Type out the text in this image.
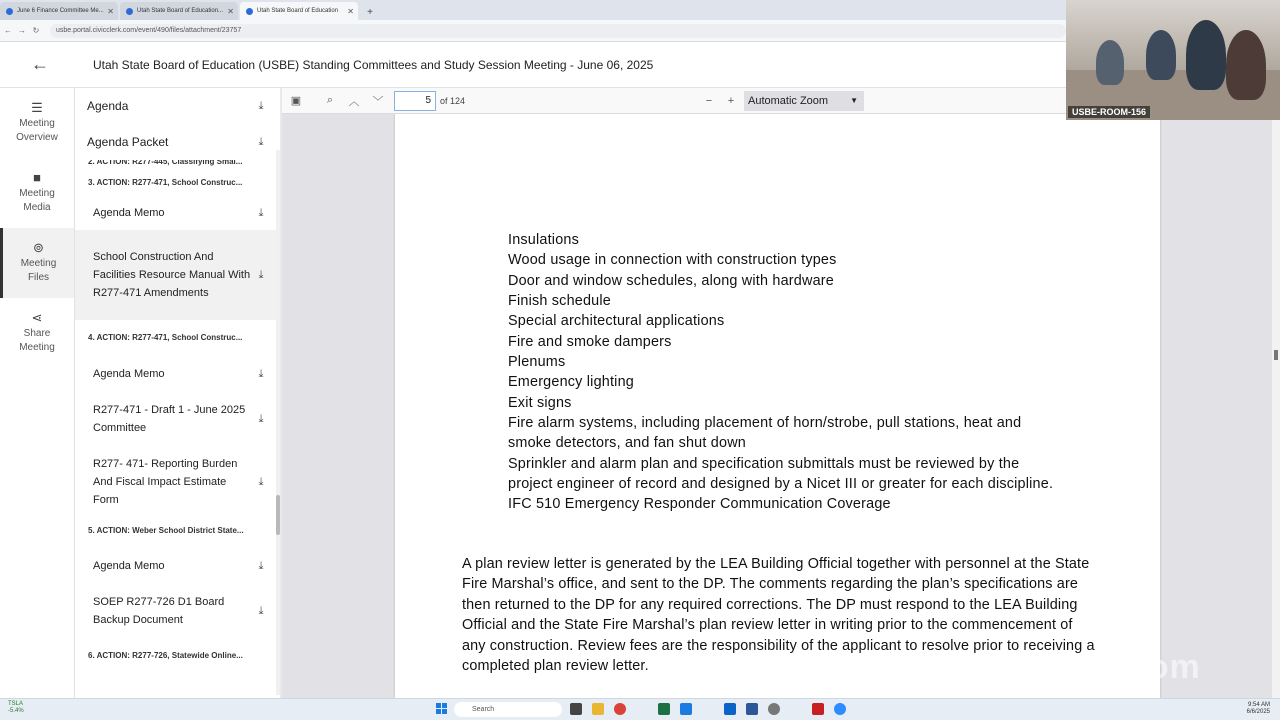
June 6 Finance Committee Me... ✕	Utah State Board of Education... ✕	Utah State Board of Education ✕	+
← → ↻	usbe.portal.civicclerk.com/event/490/files/attachment/23757
←	Utah State Board of Education (USBE) Standing Committees and Study Session Meeting - June 06, 2025
☰
Meeting Overview
■
Meeting Media
⊚
Meeting Files
⋖
Share Meeting
Agenda	⤓
Agenda Packet	⤓
2. ACTION: R277-445, Classifying Smal...
3. ACTION: R277-471, School Construc...
Agenda Memo	⤓
School Construction And Facilities Resource Manual With R277-471 Amendments
⤓
4. ACTION: R277-471, School Construc...
Agenda Memo	⤓
R277-471 - Draft 1 - June 2025 Committee
⤓
R277- 471- Reporting Burden And Fiscal Impact Estimate Form
⤓
5. ACTION: Weber School District State...
Agenda Memo	⤓
SOEP R277-726 D1 Board Backup Document
⤓
6. ACTION: R277-726, Statewide Online...
▣	⌕	︿	﹀
5	of 124	−	+	Automatic Zoom	▼
Insulations
Wood usage in connection with construction types
Door and window schedules, along with hardware
Finish schedule
Special architectural applications
Fire and smoke dampers
Plenums
Emergency lighting
Exit signs
Fire alarm systems, including placement of horn/strobe, pull stations, heat and
smoke detectors, and fan shut down
Sprinkler and alarm plan and specification submittals must be reviewed by the
project engineer of record and designed by a Nicet III or greater for each discipline.
IFC 510 Emergency Responder Communication Coverage
A plan review letter is generated by the LEA Building Official together with personnel at the State Fire Marshal’s office, and sent to the DP. The comments regarding the plan’s specifications are then returned to the DP for any required corrections. The DP must respond to the LEA Building Official and the State Fire Marshal’s plan review letter in writing prior to the commencement of any construction. Review fees are the responsibility of the applicant to resolve prior to receiving a completed plan review letter.
USBE-ROOM-156
zoom
TSLA
-5.4%	Search
9:54 AM
6/6/2025
